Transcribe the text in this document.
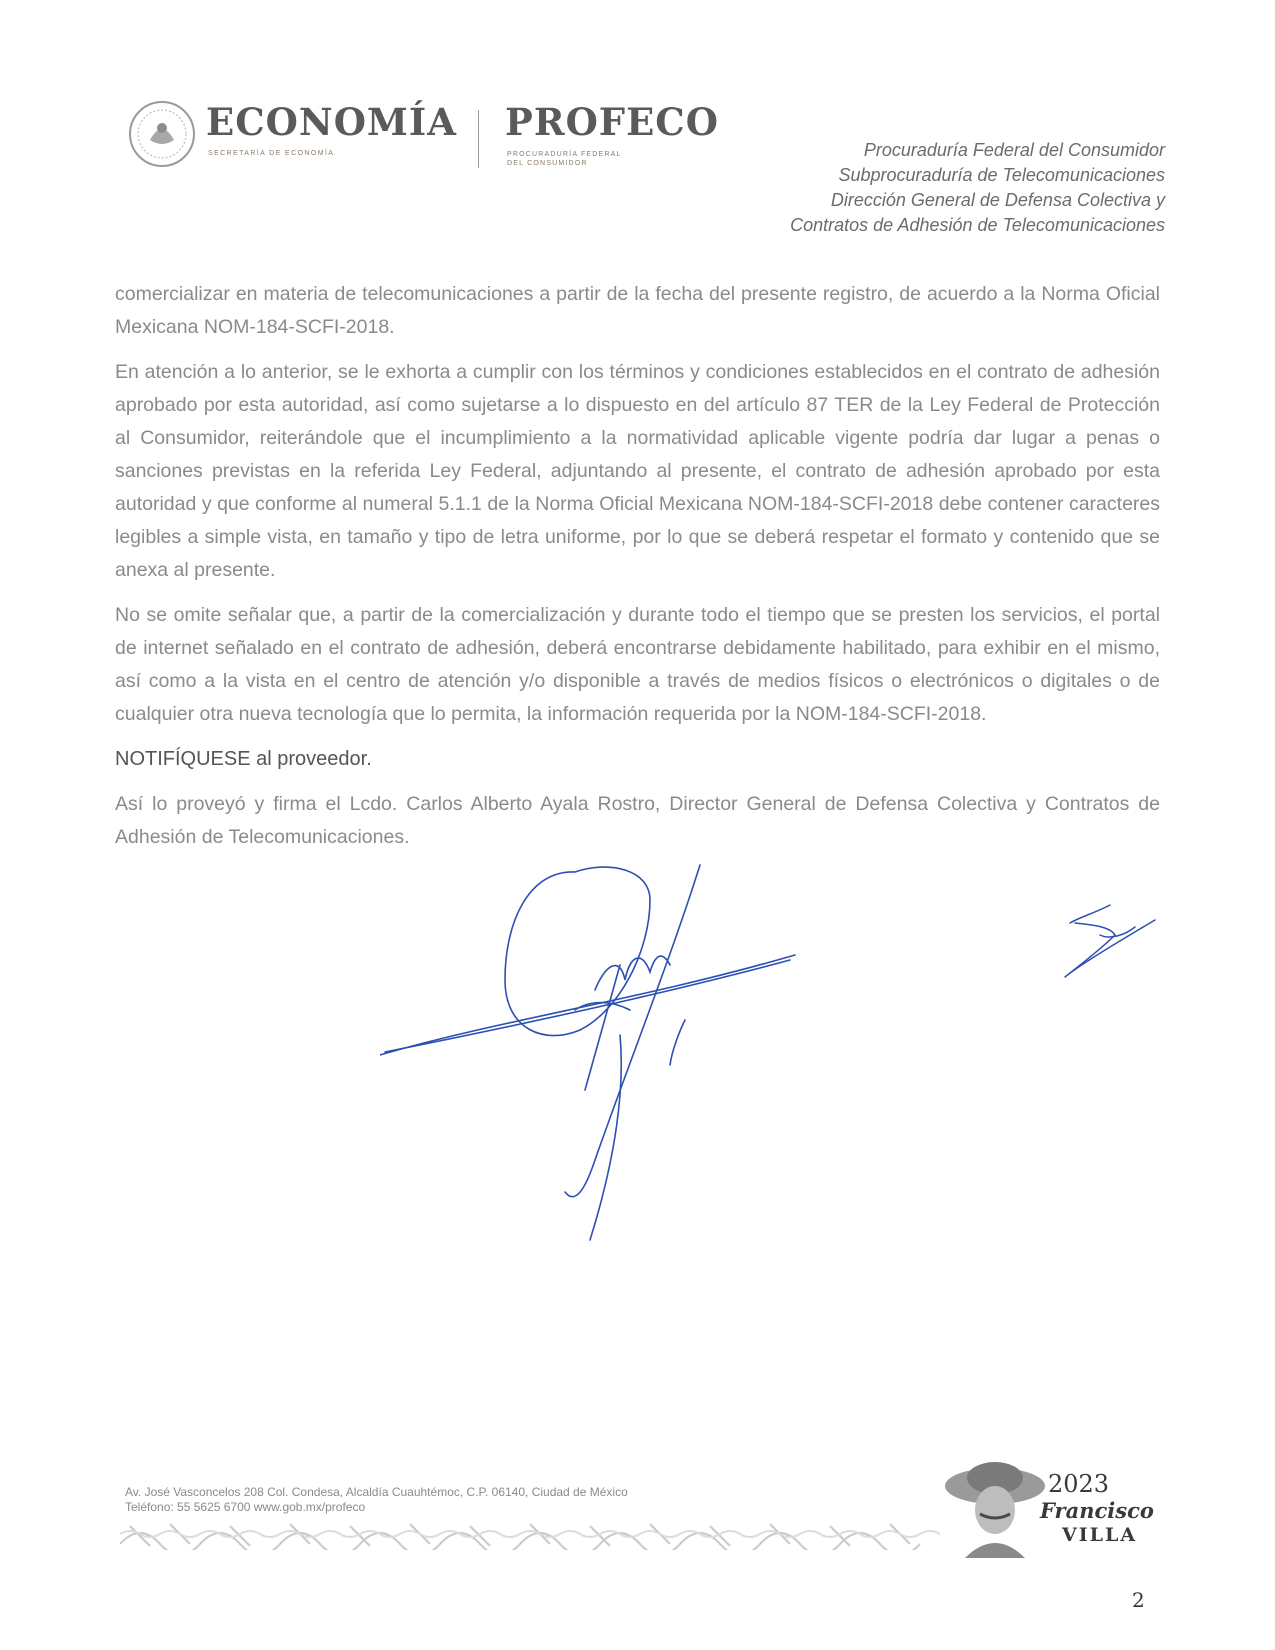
ECONOMÍA
SECRETARÍA DE ECONOMÍA
PROFECO
PROCURADURÍA FEDERAL
DEL CONSUMIDOR
Procuraduría Federal del Consumidor
Subprocuraduría de Telecomunicaciones
Dirección General de Defensa Colectiva y
Contratos de Adhesión de Telecomunicaciones

comercializar en materia de telecomunicaciones a partir de la fecha del presente registro, de acuerdo a la Norma Oficial Mexicana NOM-184-SCFI-2018.

En atención a lo anterior, se le exhorta a cumplir con los términos y condiciones establecidos en el contrato de adhesión aprobado por esta autoridad, así como sujetarse a lo dispuesto en del artículo 87 TER de la Ley Federal de Protección al Consumidor, reiterándole que el incumplimiento a la normatividad aplicable vigente podría dar lugar a penas o sanciones previstas en la referida Ley Federal, adjuntando al presente, el contrato de adhesión aprobado por esta autoridad y que conforme al numeral 5.1.1 de la Norma Oficial Mexicana NOM-184-SCFI-2018 debe contener caracteres legibles a simple vista, en tamaño y tipo de letra uniforme, por lo que se deberá respetar el formato y contenido que se anexa al presente.

No se omite señalar que, a partir de la comercialización y durante todo el tiempo que se presten los servicios, el portal de internet señalado en el contrato de adhesión, deberá encontrarse debidamente habilitado, para exhibir en el mismo, así como a la vista en el centro de atención y/o disponible a través de medios físicos o electrónicos o digitales o de cualquier otra nueva tecnología que lo permita, la información requerida por la NOM-184-SCFI-2018.

NOTIFÍQUESE al proveedor.

Así lo proveyó y firma el Lcdo. Carlos Alberto Ayala Rostro, Director General de Defensa Colectiva y Contratos de Adhesión de Telecomunicaciones.

Av. José Vasconcelos 208 Col. Condesa, Alcaldía Cuauhtémoc, C.P. 06140, Ciudad de México
Teléfono: 55 5625 6700 www.gob.mx/profeco
2023
Francisco
VILLA
2
